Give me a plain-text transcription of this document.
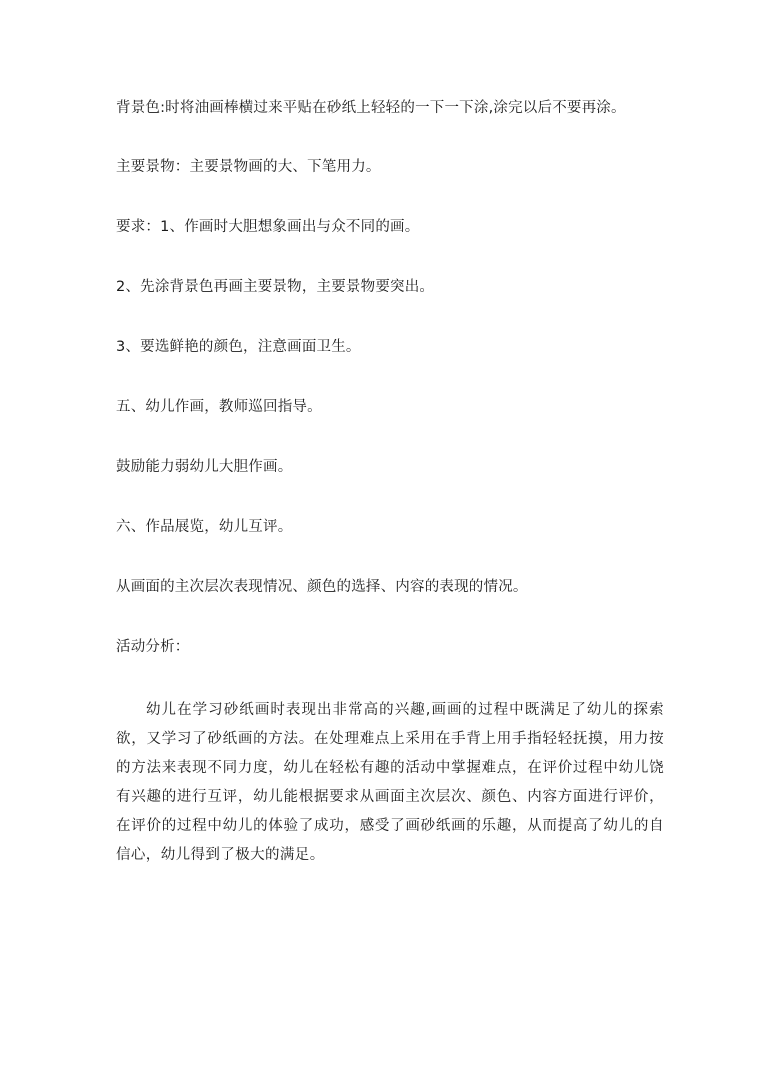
背景色:时将油画棒横过来平贴在砂纸上轻轻的一下一下涂,涂完以后不要再涂。
主要景物：主要景物画的大、下笔用力。
要求：1、作画时大胆想象画出与众不同的画。
2、先涂背景色再画主要景物，主要景物要突出。
3、要选鲜艳的颜色，注意画面卫生。
五、幼儿作画，教师巡回指导。
鼓励能力弱幼儿大胆作画。
六、作品展览，幼儿互评。
从画面的主次层次表现情况、颜色的选择、内容的表现的情况。
活动分析：
幼儿在学习砂纸画时表现出非常高的兴趣,画画的过程中既满足了幼儿的探索欲，又学习了砂纸画的方法。在处理难点上采用在手背上用手指轻轻抚摸，用力按的方法来表现不同力度，幼儿在轻松有趣的活动中掌握难点，在评价过程中幼儿饶有兴趣的进行互评，幼儿能根据要求从画面主次层次、颜色、内容方面进行评价，在评价的过程中幼儿的体验了成功，感受了画砂纸画的乐趣，从而提高了幼儿的自信心，幼儿得到了极大的满足。
